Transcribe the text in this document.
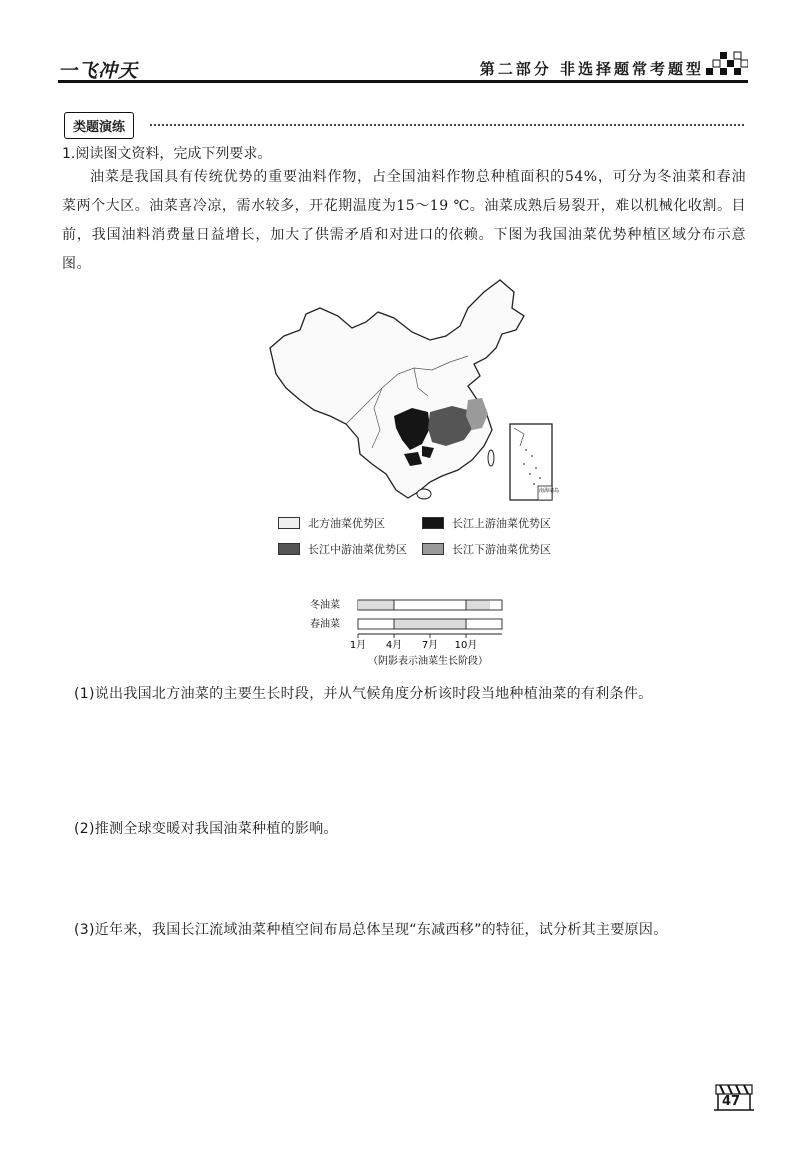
一飞冲天	第二部分 非选择题常考题型
类题演练
1.阅读图文资料，完成下列要求。
油菜是我国具有传统优势的重要油料作物，占全国油料作物总种植面积的54%，可分为冬油菜和春油菜两个大区。油菜喜冷凉，需水较多，开花期温度为15～19 ℃。油菜成熟后易裂开，难以机械化收割。目前，我国油料消费量日益增长，加大了供需矛盾和对进口的依赖。下图为我国油菜优势种植区域分布示意图。
南海诸岛
北方油菜优势区	长江上游油菜优势区
长江中游油菜优势区	长江下游油菜优势区
冬油菜
春油菜
1月 4月 7月 10月
（阴影表示油菜生长阶段）
(1)说出我国北方油菜的主要生长时段，并从气候角度分析该时段当地种植油菜的有利条件。
(2)推测全球变暖对我国油菜种植的影响。
(3)近年来，我国长江流域油菜种植空间布局总体呈现“东减西移”的特征，试分析其主要原因。
47
